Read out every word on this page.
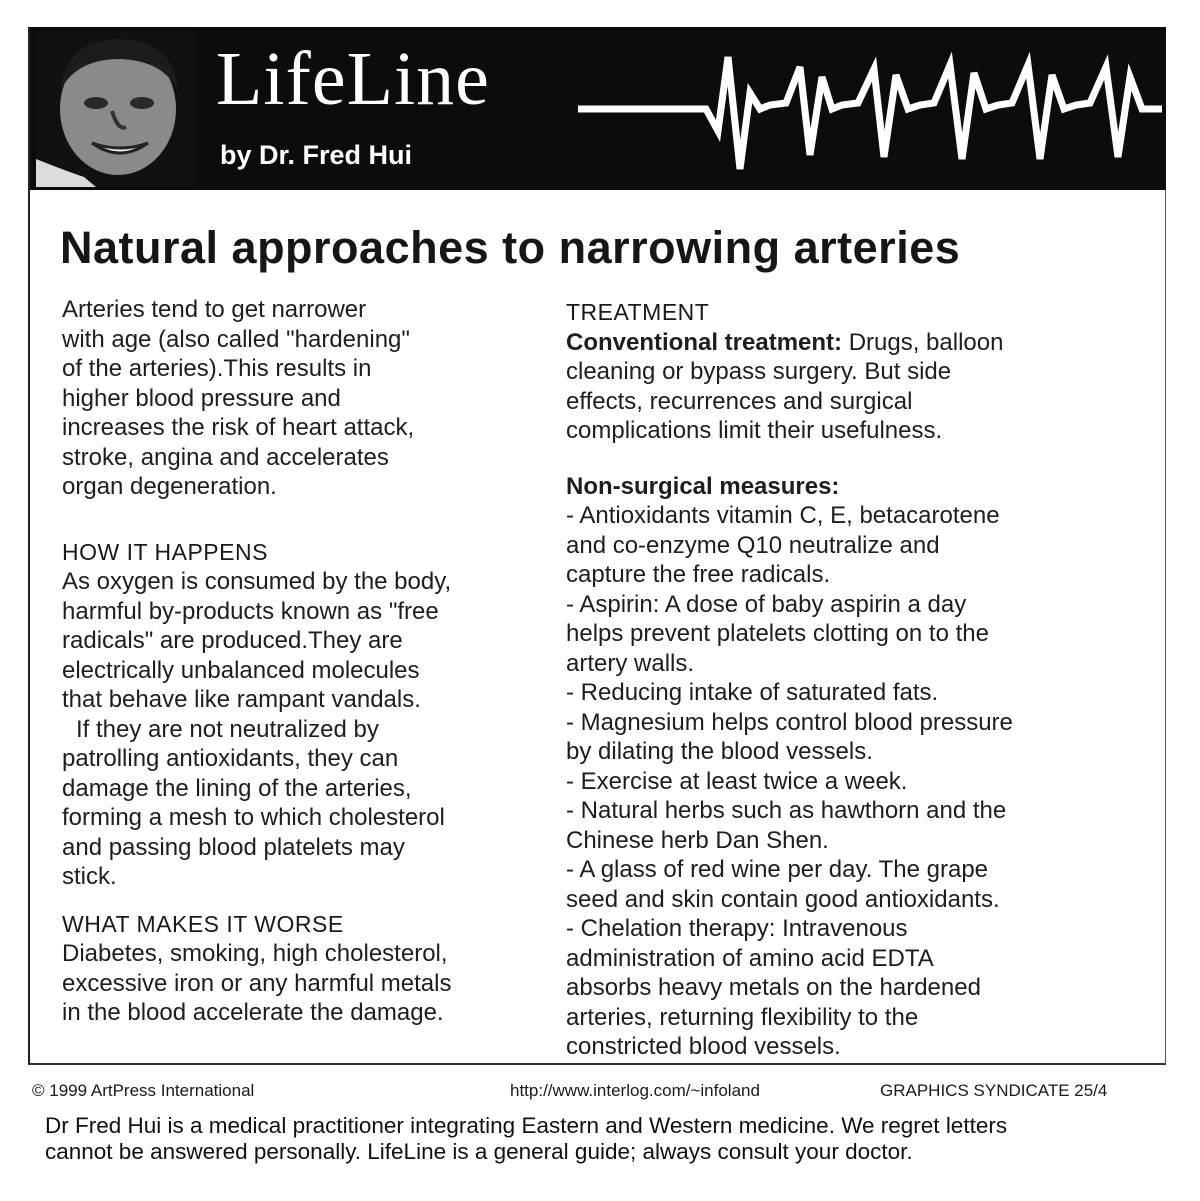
LifeLine
by Dr. Fred Hui
Natural approaches to narrowing arteries

Arteries tend to get narrower

with age (also called "hardening"

of the arteries).This results in

higher blood pressure and

increases the risk of heart attack,

stroke, angina and accelerates

organ degeneration.

HOW IT HAPPENS

As oxygen is consumed by the body,

harmful by-products known as "free

radicals" are produced.They are

electrically unbalanced molecules

that behave like rampant vandals.

If they are not neutralized by

patrolling antioxidants, they can

damage the lining of the arteries,

forming a mesh to which cholesterol

and passing blood platelets may

stick.

WHAT MAKES IT WORSE

Diabetes, smoking, high cholesterol,

excessive iron or any harmful metals

in the blood accelerate the damage.

TREATMENT

Conventional treatment: Drugs, balloon

cleaning or bypass surgery. But side

effects, recurrences and surgical

complications limit their usefulness.

Non-surgical measures:

- Antioxidants vitamin C, E, betacarotene

and co-enzyme Q10 neutralize and

capture the free radicals.

- Aspirin: A dose of baby aspirin a day

helps prevent platelets clotting on to the

artery walls.

- Reducing intake of saturated fats.

- Magnesium helps control blood pressure

by dilating the blood vessels.

- Exercise at least twice a week.

- Natural herbs such as hawthorn and the

Chinese herb Dan Shen.

- A glass of red wine per day. The grape

seed and skin contain good antioxidants.

- Chelation therapy: Intravenous

administration of amino acid EDTA

absorbs heavy metals on the hardened

arteries, returning flexibility to the

constricted blood vessels.

© 1999 ArtPress International	http://www.interlog.com/~infoland	GRAPHICS SYNDICATE 25/4
Dr Fred Hui is a medical practitioner integrating Eastern and Western medicine. We regret letters
cannot be answered personally. LifeLine is a general guide; always consult your doctor.
